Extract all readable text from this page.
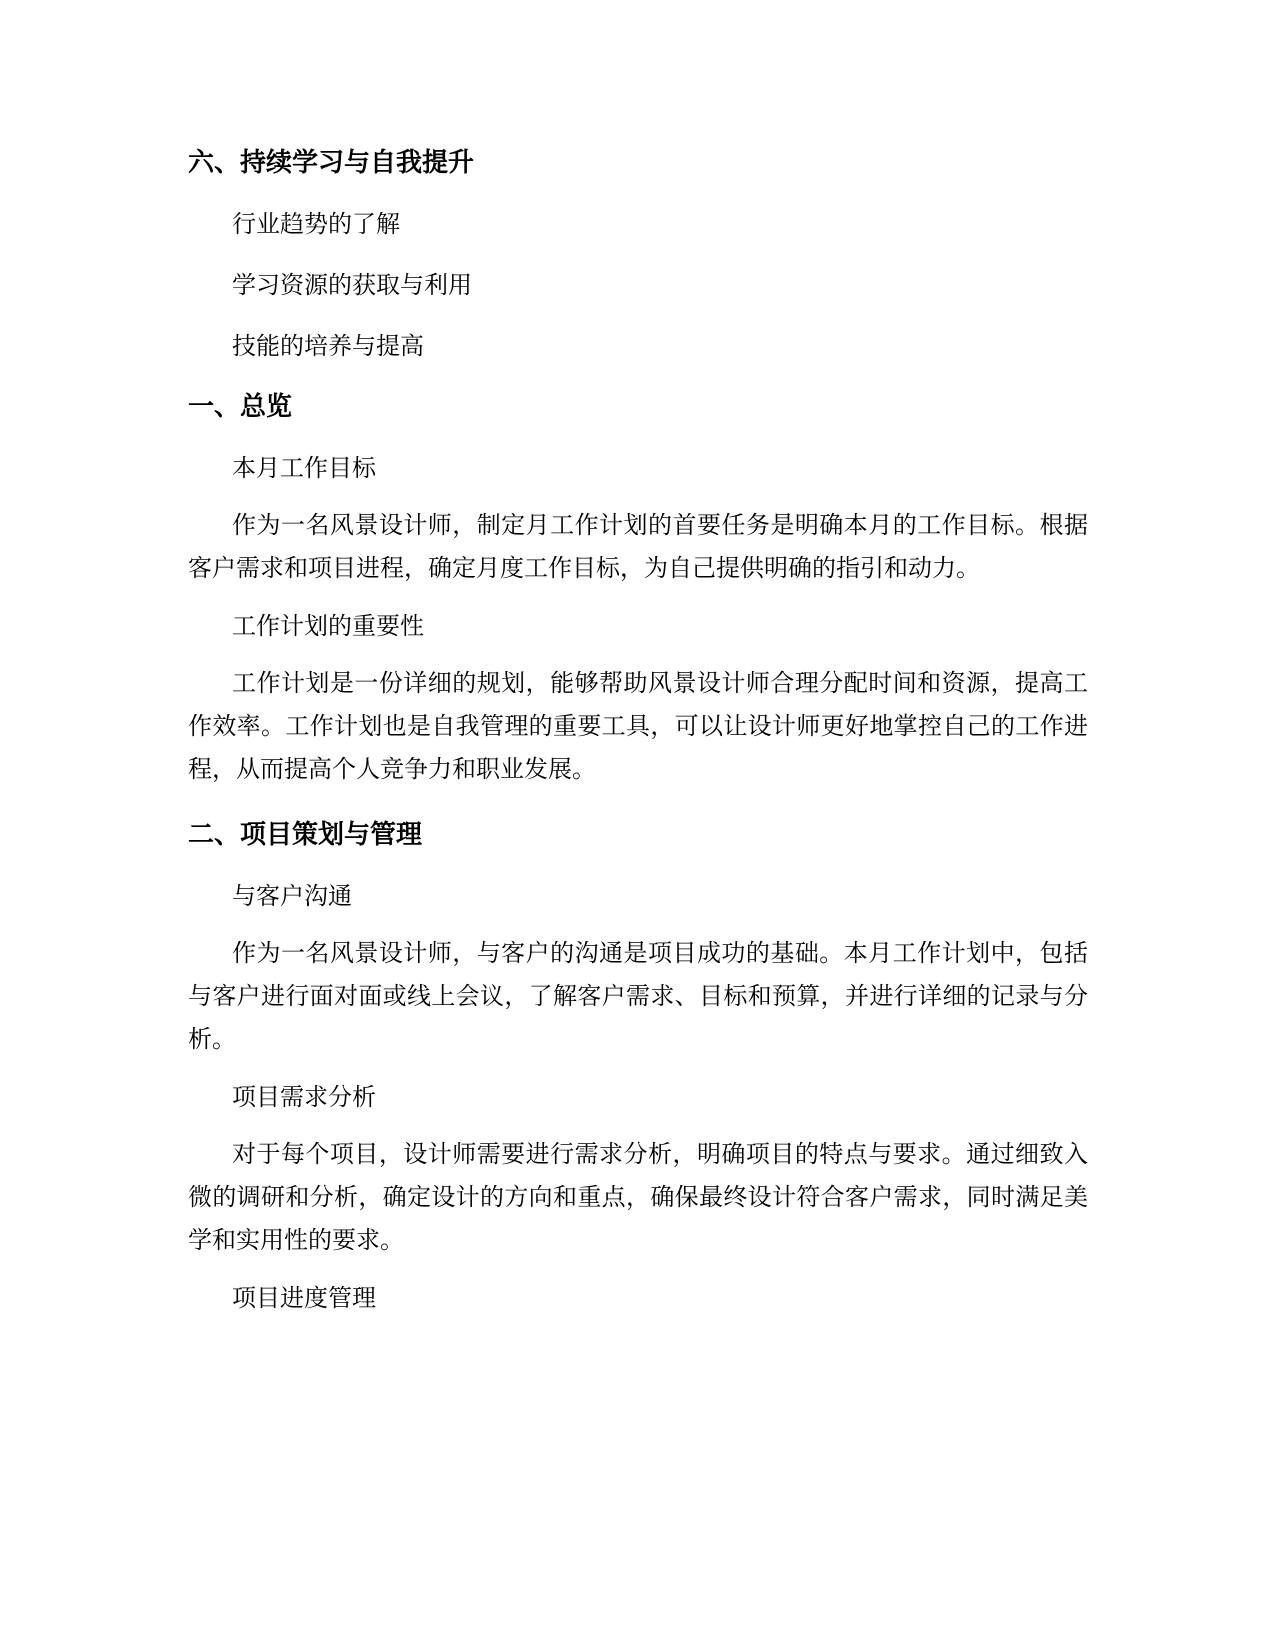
六、持续学习与自我提升

行业趋势的了解

学习资源的获取与利用

技能的培养与提高

一、总览

本月工作目标

作为一名风景设计师，制定月工作计划的首要任务是明确本月的工作目标。根据客户需求和项目进程，确定月度工作目标，为自己提供明确的指引和动力。

工作计划的重要性

工作计划是一份详细的规划，能够帮助风景设计师合理分配时间和资源，提高工作效率。工作计划也是自我管理的重要工具，可以让设计师更好地掌控自己的工作进程，从而提高个人竞争力和职业发展。

二、项目策划与管理

与客户沟通

作为一名风景设计师，与客户的沟通是项目成功的基础。本月工作计划中，包括与客户进行面对面或线上会议，了解客户需求、目标和预算，并进行详细的记录与分析。

项目需求分析

对于每个项目，设计师需要进行需求分析，明确项目的特点与要求。通过细致入微的调研和分析，确定设计的方向和重点，确保最终设计符合客户需求，同时满足美学和实用性的要求。

项目进度管理
